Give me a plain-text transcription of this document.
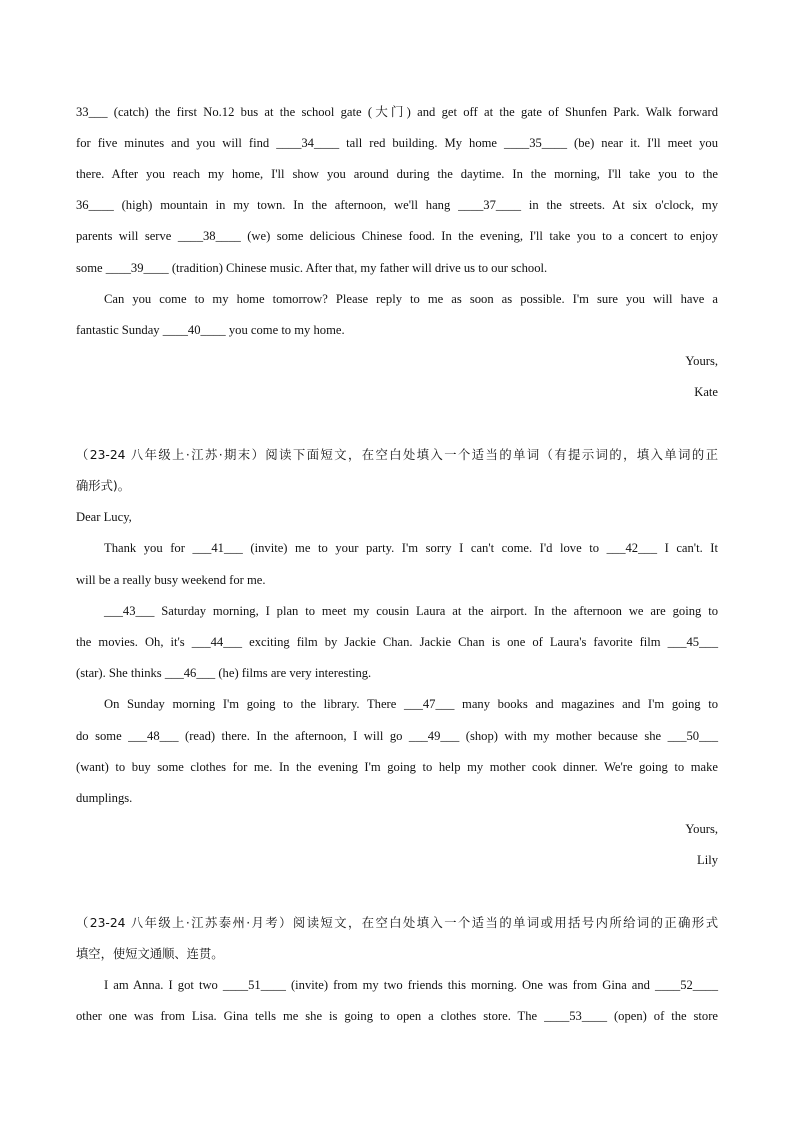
33___ (catch) the first No.12 bus at the school gate (大门) and get off at the gate of Shunfen Park. Walk forward
for five minutes and you will find ____34____ tall red building. My home ____35____ (be) near it. I'll meet you
there. After you reach my home, I'll show you around during the daytime. In the morning, I'll take you to the
36____ (high) mountain in my town. In the afternoon, we'll hang ____37____ in the streets. At six o'clock, my
parents will serve ____38____ (we) some delicious Chinese food. In the evening, I'll take you to a concert to enjoy
some ____39____ (tradition) Chinese music. After that, my father will drive us to our school.
Can you come to my home tomorrow? Please reply to me as soon as possible. I'm sure you will have a
fantastic Sunday ____40____ you come to my home.
Yours,
Kate
（23-24 八年级上·江苏·期末）阅读下面短文，在空白处填入一个适当的单词（有提示词的，填入单词的正
确形式)。
Dear Lucy,
Thank you for ___41___ (invite) me to your party. I'm sorry I can't come. I'd love to ___42___ I can't. It
will be a really busy weekend for me.
___43___ Saturday morning, I plan to meet my cousin Laura at the airport. In the afternoon we are going to
the movies. Oh, it's ___44___ exciting film by Jackie Chan. Jackie Chan is one of Laura's favorite film ___45___
(star). She thinks ___46___ (he) films are very interesting.
On Sunday morning I'm going to the library. There ___47___ many books and magazines and I'm going to
do some ___48___ (read) there. In the afternoon, I will go ___49___ (shop) with my mother because she ___50___
(want) to buy some clothes for me. In the evening I'm going to help my mother cook dinner. We're going to make
dumplings.
Yours,
Lily
（23-24 八年级上·江苏泰州·月考）阅读短文，在空白处填入一个适当的单词或用括号内所给词的正确形式
填空，使短文通顺、连贯。
I am Anna. I got two ____51____ (invite) from my two friends this morning. One was from Gina and ____52____
other one was from Lisa. Gina tells me she is going to open a clothes store. The ____53____ (open) of the store
